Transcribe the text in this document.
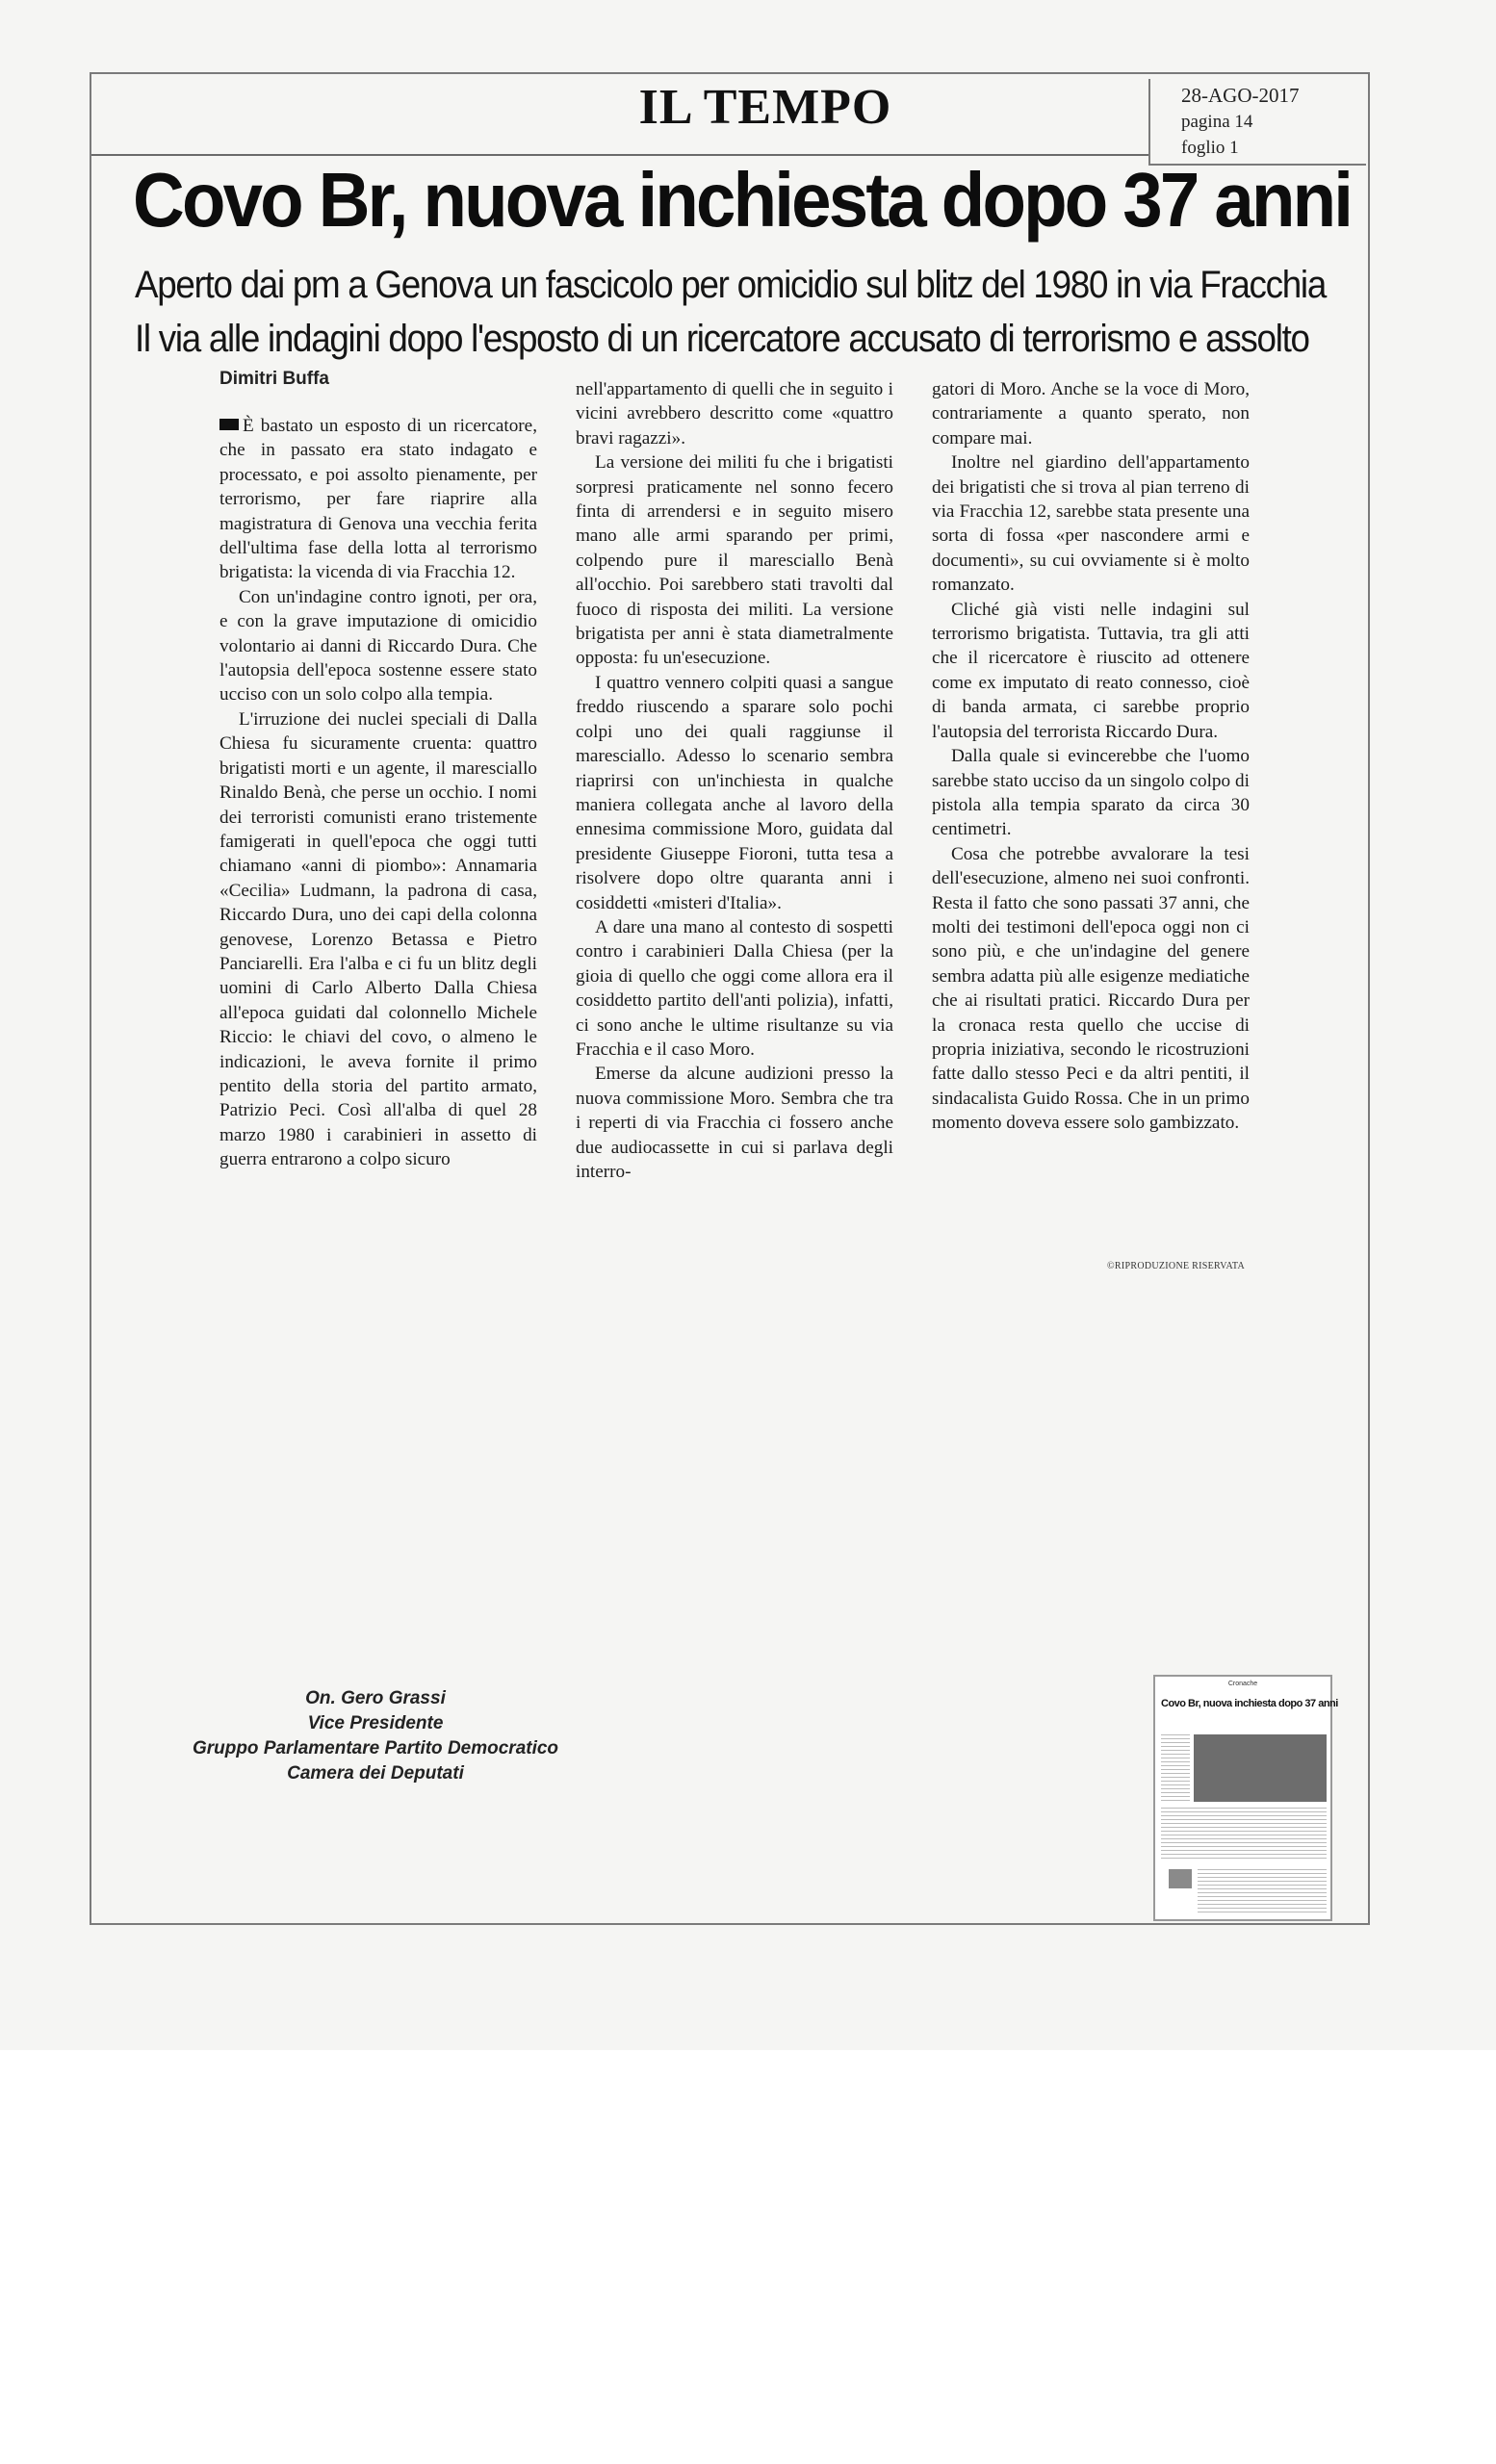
IL TEMPO	28-AGO-2017
pagina 14
foglio 1
Covo Br, nuova inchiesta dopo 37 anni
Aperto dai pm a Genova un fascicolo per omicidio sul blitz del 1980 in via Fracchia
Il via alle indagini dopo l'esposto di un ricercatore accusato di terrorismo e assolto
Dimitri Buffa

È bastato un esposto di un ricercatore, che in passato era stato indagato e processato, e poi assolto pienamente, per terrorismo, per fare riaprire alla magistratura di Genova una vecchia ferita dell'ultima fase della lotta al terrorismo brigatista: la vicenda di via Fracchia 12.

Con un'indagine contro ignoti, per ora, e con la grave imputazione di omicidio volontario ai danni di Riccardo Dura. Che l'autopsia dell'epoca sostenne essere stato ucciso con un solo colpo alla tempia.

L'irruzione dei nuclei speciali di Dalla Chiesa fu sicuramente cruenta: quattro brigatisti morti e un agente, il maresciallo Rinaldo Benà, che perse un occhio. I nomi dei terroristi comunisti erano tristemente famigerati in quell'epoca che oggi tutti chiamano «anni di piombo»: Annamaria «Cecilia» Ludmann, la padrona di casa, Riccardo Dura, uno dei capi della colonna genovese, Lorenzo Betassa e Pietro Panciarelli. Era l'alba e ci fu un blitz degli uomini di Carlo Alberto Dalla Chiesa all'epoca guidati dal colonnello Michele Riccio: le chiavi del covo, o almeno le indicazioni, le aveva fornite il primo pentito della storia del partito armato, Patrizio Peci. Così all'alba di quel 28 marzo 1980 i carabinieri in assetto di guerra entrarono a colpo sicuro

nell'appartamento di quelli che in seguito i vicini avrebbero descritto come «quattro bravi ragazzi».

La versione dei militi fu che i brigatisti sorpresi praticamente nel sonno fecero finta di arrendersi e in seguito misero mano alle armi sparando per primi, colpendo pure il maresciallo Benà all'occhio. Poi sarebbero stati travolti dal fuoco di risposta dei militi. La versione brigatista per anni è stata diametralmente opposta: fu un'esecuzione.

I quattro vennero colpiti quasi a sangue freddo riuscendo a sparare solo pochi colpi uno dei quali raggiunse il maresciallo. Adesso lo scenario sembra riaprirsi con un'inchiesta in qualche maniera collegata anche al lavoro della ennesima commissione Moro, guidata dal presidente Giuseppe Fioroni, tutta tesa a risolvere dopo oltre quaranta anni i cosiddetti «misteri d'Italia».

A dare una mano al contesto di sospetti contro i carabinieri Dalla Chiesa (per la gioia di quello che oggi come allora era il cosiddetto partito dell'anti polizia), infatti, ci sono anche le ultime risultanze su via Fracchia e il caso Moro.

Emerse da alcune audizioni presso la nuova commissione Moro. Sembra che tra i reperti di via Fracchia ci fossero anche due audiocassette in cui si parlava degli interro-

gatori di Moro. Anche se la voce di Moro, contrariamente a quanto sperato, non compare mai.

Inoltre nel giardino dell'appartamento dei brigatisti che si trova al pian terreno di via Fracchia 12, sarebbe stata presente una sorta di fossa «per nascondere armi e documenti», su cui ovviamente si è molto romanzato.

Cliché già visti nelle indagini sul terrorismo brigatista. Tuttavia, tra gli atti che il ricercatore è riuscito ad ottenere come ex imputato di reato connesso, cioè di banda armata, ci sarebbe proprio l'autopsia del terrorista Riccardo Dura.

Dalla quale si evincerebbe che l'uomo sarebbe stato ucciso da un singolo colpo di pistola alla tempia sparato da circa 30 centimetri.

Cosa che potrebbe avvalorare la tesi dell'esecuzione, almeno nei suoi confronti. Resta il fatto che sono passati 37 anni, che molti dei testimoni dell'epoca oggi non ci sono più, e che un'indagine del genere sembra adatta più alle esigenze mediatiche che ai risultati pratici. Riccardo Dura per la cronaca resta quello che uccise di propria iniziativa, secondo le ricostruzioni fatte dallo stesso Peci e da altri pentiti, il sindacalista Guido Rossa. Che in un primo momento doveva essere solo gambizzato.

©RIPRODUZIONE RISERVATA
On. Gero Grassi
Vice Presidente
Gruppo Parlamentare Partito Democratico
Camera dei Deputati
Cronache
Covo Br, nuova inchiesta dopo 37 anni
